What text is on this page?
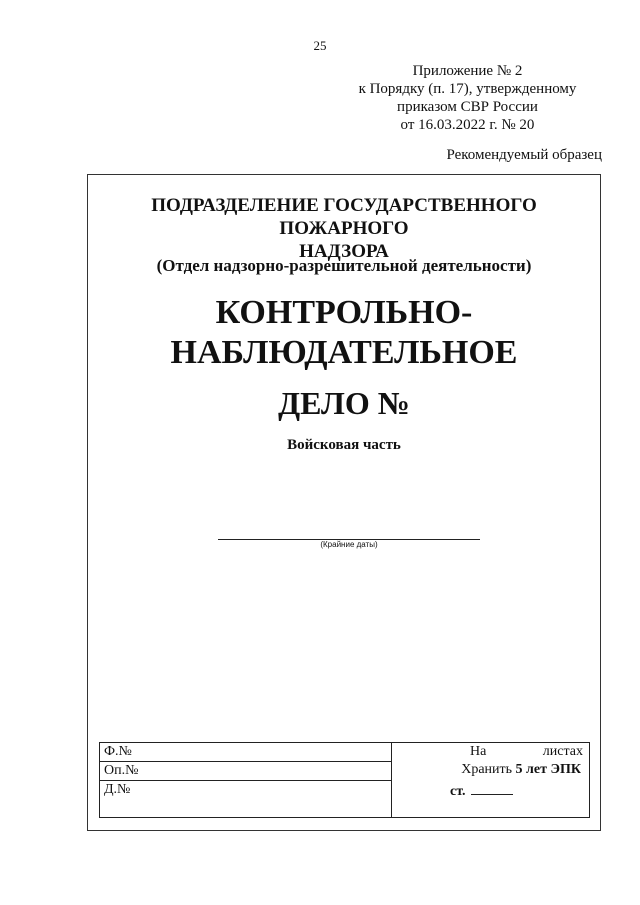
25
Приложение № 2
к Порядку (п. 17), утвержденному
приказом СВР России
от 16.03.2022 г. № 20
Рекомендуемый образец
ПОДРАЗДЕЛЕНИЕ ГОСУДАРСТВЕННОГО ПОЖАРНОГО
НАДЗОРА
(Отдел надзорно-разрешительной деятельности)
КОНТРОЛЬНО-
НАБЛЮДАТЕЛЬНОЕ
ДЕЛО №
Войсковая часть
(Крайние даты)
Ф.№
Оп.№
Д.№
На	листах
Хранить 5 лет ЭПК
ст.
